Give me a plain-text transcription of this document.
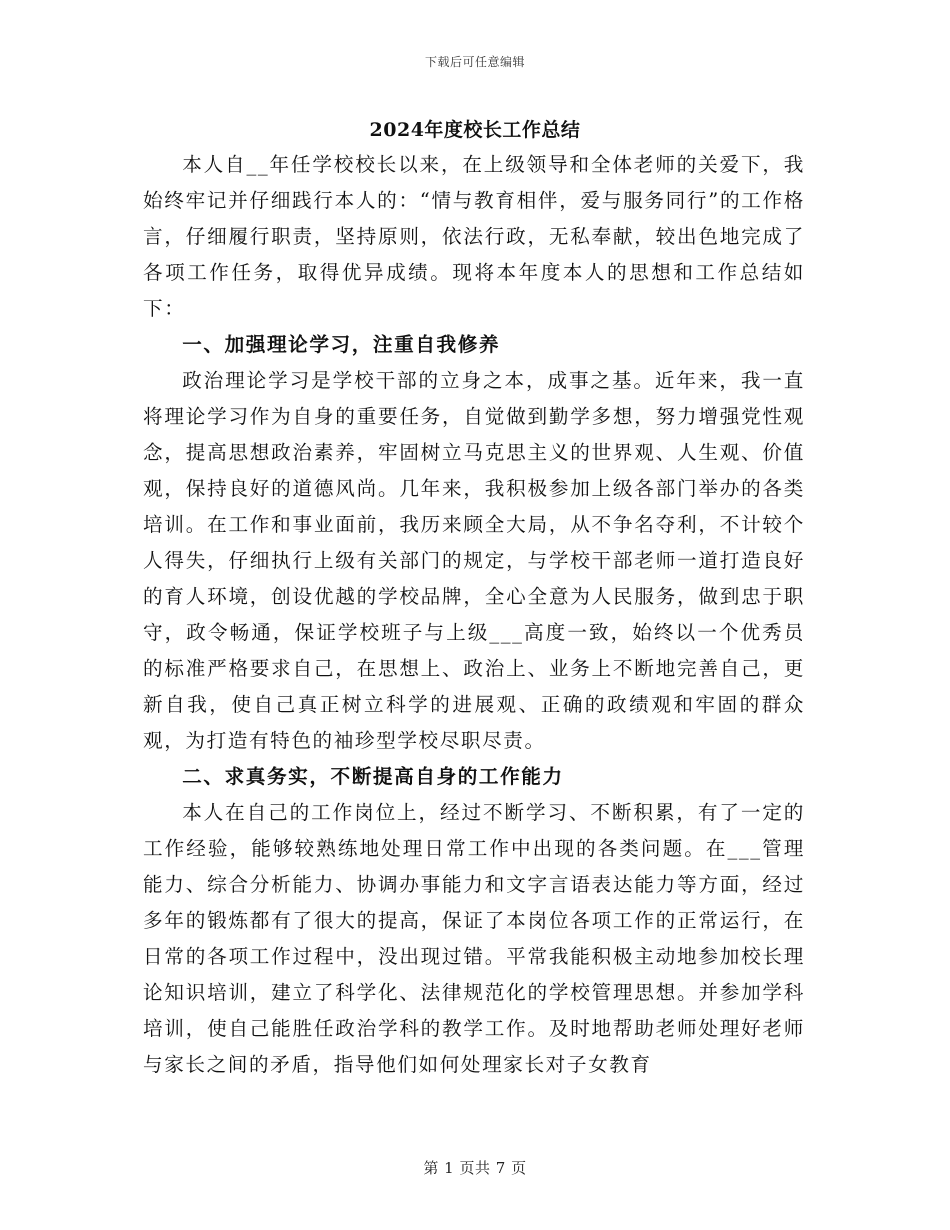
下载后可任意编辑
2024年度校长工作总结

本人自__年任学校校长以来，在上级领导和全体老师的关爱下，我始终牢记并仔细践行本人的：“情与教育相伴，爱与服务同行”的工作格言，仔细履行职责，坚持原则，依法行政，无私奉献，较出色地完成了各项工作任务，取得优异成绩。现将本年度本人的思想和工作总结如下：

一、加强理论学习，注重自我修养

政治理论学习是学校干部的立身之本，成事之基。近年来，我一直将理论学习作为自身的重要任务，自觉做到勤学多想，努力增强党性观念，提高思想政治素养，牢固树立马克思主义的世界观、人生观、价值观，保持良好的道德风尚。几年来，我积极参加上级各部门举办的各类培训。在工作和事业面前，我历来顾全大局，从不争名夺利，不计较个人得失，仔细执行上级有关部门的规定，与学校干部老师一道打造良好的育人环境，创设优越的学校品牌，全心全意为人民服务，做到忠于职守，政令畅通，保证学校班子与上级___高度一致，始终以一个优秀员的标准严格要求自己，在思想上、政治上、业务上不断地完善自己，更新自我，使自己真正树立科学的进展观、正确的政绩观和牢固的群众观，为打造有特色的袖珍型学校尽职尽责。

二、求真务实，不断提高自身的工作能力

本人在自己的工作岗位上，经过不断学习、不断积累，有了一定的工作经验，能够较熟练地处理日常工作中出现的各类问题。在___管理能力、综合分析能力、协调办事能力和文字言语表达能力等方面，经过多年的锻炼都有了很大的提高，保证了本岗位各项工作的正常运行，在日常的各项工作过程中，没出现过错。平常我能积极主动地参加校长理论知识培训，建立了科学化、法律规范化的学校管理思想。并参加学科培训，使自己能胜任政治学科的教学工作。及时地帮助老师处理好老师与家长之间的矛盾，指导他们如何处理家长对子女教育

第 1 页共 7 页
